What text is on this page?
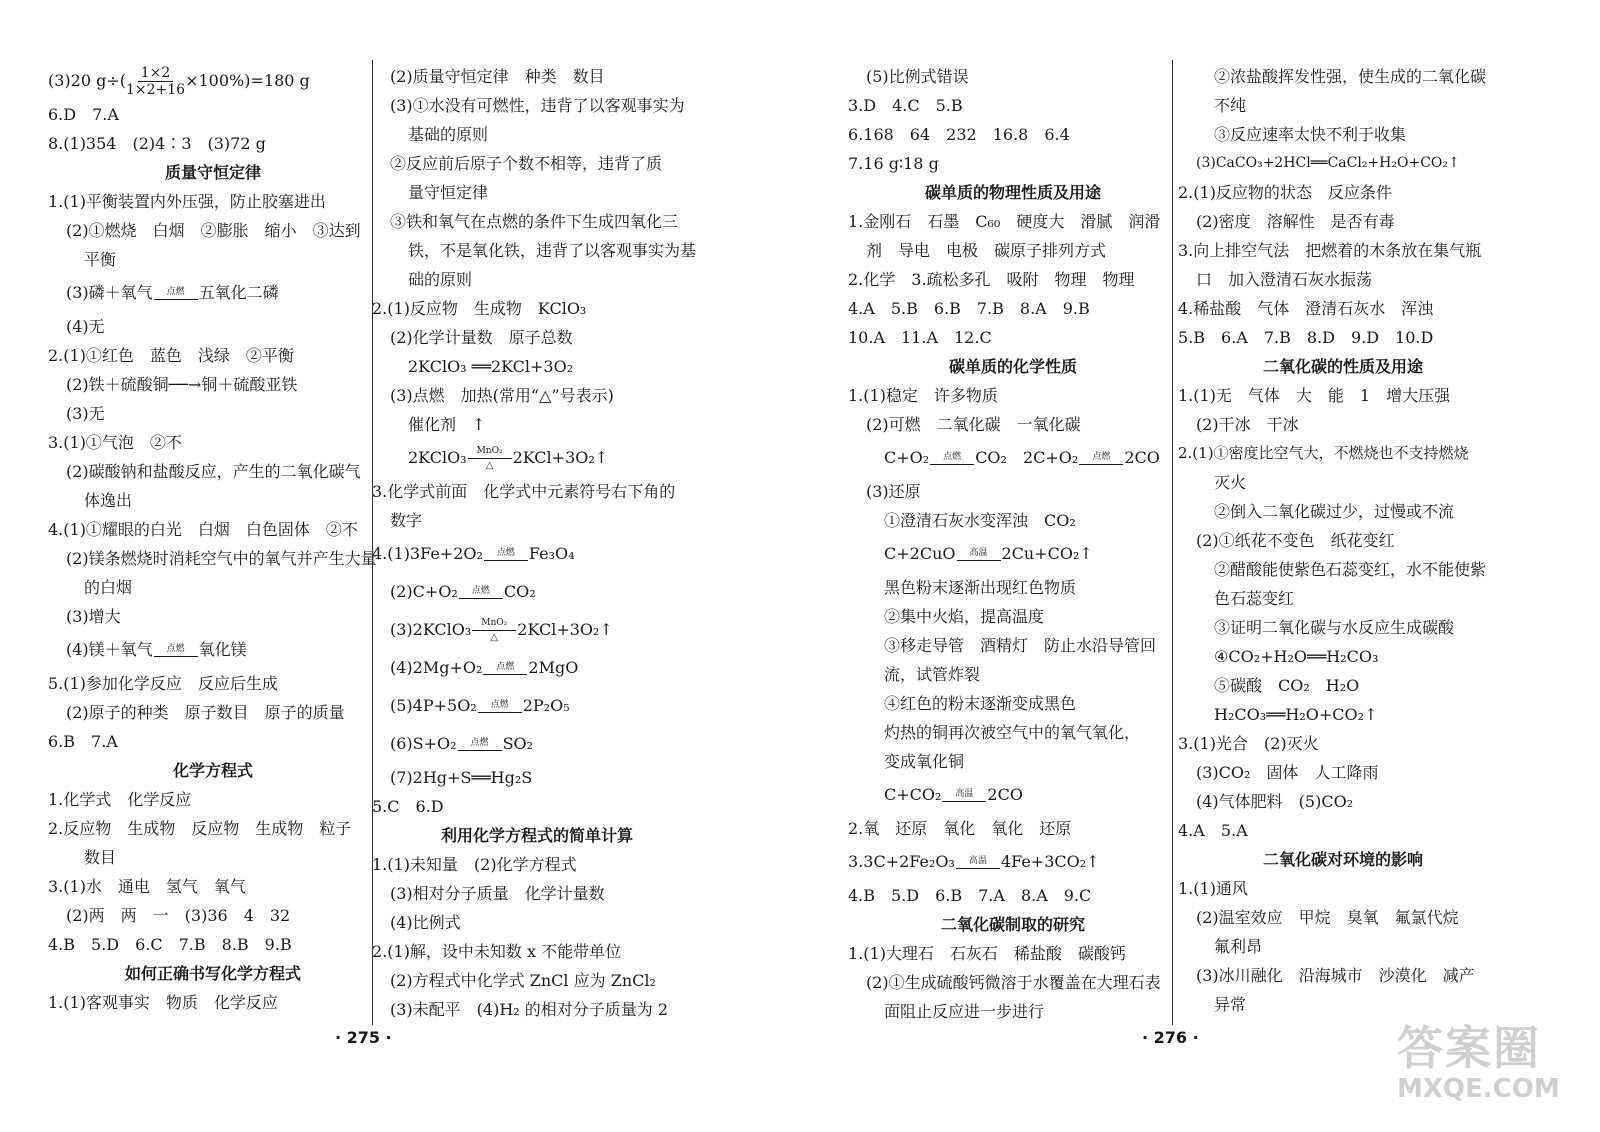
(3)20 $g\div( \frac{1\times 2}{1\times 2+16} \times 100\%)=180$ g
6.D　7.A
8.(1)354　(2)4∶3　(3)72 g
质量守恒定律
1.(1)平衡装置内外压强，防止胶塞进出
(2)①燃烧　白烟　②膨胀　缩小　③达到
平衡
(3)磷＋氧气 点燃 五氧化二磷
(4)无
2.(1)①红色　蓝色　浅绿　②平衡
(2)铁＋硫酸铜──→铜＋硫酸亚铁
(3)无
3.(1)①气泡　②不
(2)碳酸钠和盐酸反应，产生的二氧化碳气
体逸出
4.(1)①耀眼的白光　白烟　白色固体　②不
(2)镁条燃烧时消耗空气中的氧气并产生大量
的白烟
(3)增大
(4)镁＋氧气 点燃 氧化镁
5.(1)参加化学反应　反应后生成
(2)原子的种类　原子数目　原子的质量
6.B　7.A
化学方程式
1.化学式　化学反应
2.反应物　生成物　反应物　生成物　粒子
数目
3.(1)水　通电　氢气　氧气
(2)两　两　一　(3)36　4　32
4.B　5.D　6.C　7.B　8.B　9.B
如何正确书写化学方程式
1.(1)客观事实　物质　化学反应
(2)质量守恒定律　种类　数目
(3)①水没有可燃性，违背了以客观事实为
基础的原则
②反应前后原子个数不相等，违背了质
量守恒定律
③铁和氧气在点燃的条件下生成四氧化三
铁，不是氧化铁，违背了以客观事实为基
础的原则
2.(1)反应物　生成物　KClO₃
(2)化学计量数　原子总数
2KClO₃ ══2KCl+3O₂
(3)点燃　加热(常用“△”号表示)
催化剂　↑
2KClO₃ MnO₂
△ 2KCl+3O₂↑
3.化学式前面　化学式中元素符号右下角的
数字
4.(1)3Fe+2O₂ 点燃 Fe₃O₄
(2)C+O₂ 点燃 CO₂
(3)2KClO₃ MnO₂
△ 2KCl+3O₂↑
(4)2Mg+O₂ 点燃 2MgO
(5)4P+5O₂ 点燃 2P₂O₅
(6)S+O₂ 点燃 SO₂
(7)2Hg+S══Hg₂S
5.C　6.D
利用化学方程式的简单计算
1.(1)未知量　(2)化学方程式
(3)相对分子质量　化学计量数
(4)比例式
2.(1)解，设中未知数 x 不能带单位
(2)方程式中化学式 ZnCl 应为 ZnCl₂
(3)未配平　(4)H₂ 的相对分子质量为 2
· 275 ·
(5)比例式错误
3.D　4.C　5.B
6.168　64　232　16.8　6.4
7.16 g∶18 g
碳单质的物理性质及用途
1.金刚石　石墨　C₆₀　硬度大　滑腻　润滑
剂　导电　电极　碳原子排列方式
2.化学　3.疏松多孔　吸附　物理　物理
4.A　5.B　6.B　7.B　8.A　9.B
10.A　11.A　12.C
碳单质的化学性质
1.(1)稳定　许多物质
(2)可燃　二氧化碳　一氧化碳
C+O₂ 点燃 CO₂　2C+O₂ 点燃 2CO
(3)还原
①澄清石灰水变浑浊　CO₂
C+2CuO 高温 2Cu+CO₂↑
黑色粉末逐渐出现红色物质
②集中火焰，提高温度
③移走导管　酒精灯　防止水沿导管回
流，试管炸裂
④红色的粉末逐渐变成黑色
灼热的铜再次被空气中的氧气氧化，
变成氧化铜
C+CO₂ 高温 2CO
2.氧　还原　氧化　氧化　还原
3.3C+2Fe₂O₃ 高温 4Fe+3CO₂↑
4.B　5.D　6.B　7.A　8.A　9.C
二氧化碳制取的研究
1.(1)大理石　石灰石　稀盐酸　碳酸钙
(2)①生成硫酸钙微溶于水覆盖在大理石表
面阻止反应进一步进行
②浓盐酸挥发性强，使生成的二氧化碳
不纯
③反应速率太快不利于收集
(3)CaCO₃+2HCl══CaCl₂+H₂O+CO₂↑
2.(1)反应物的状态　反应条件
(2)密度　溶解性　是否有毒
3.向上排空气法　把燃着的木条放在集气瓶
口　加入澄清石灰水振荡
4.稀盐酸　气体　澄清石灰水　浑浊
5.B　6.A　7.B　8.D　9.D　10.D
二氧化碳的性质及用途
1.(1)无　气体　大　能　1　增大压强
(2)干冰　干冰
2.(1)①密度比空气大，不燃烧也不支持燃烧
灭火
②倒入二氧化碳过少，过慢或不流
(2)①纸花不变色　纸花变红
②醋酸能使紫色石蕊变红，水不能使紫
色石蕊变红
③证明二氧化碳与水反应生成碳酸
④CO₂+H₂O══H₂CO₃
⑤碳酸　CO₂　H₂O
H₂CO₃══H₂O+CO₂↑
3.(1)光合　(2)灭火
(3)CO₂　固体　人工降雨
(4)气体肥料　(5)CO₂
4.A　5.A
二氧化碳对环境的影响
1.(1)通风
(2)温室效应　甲烷　臭氧　氟氯代烷
氟利昂
(3)冰川融化　沿海城市　沙漠化　减产
异常
· 276 ·	答案圈
MXQE.COM
